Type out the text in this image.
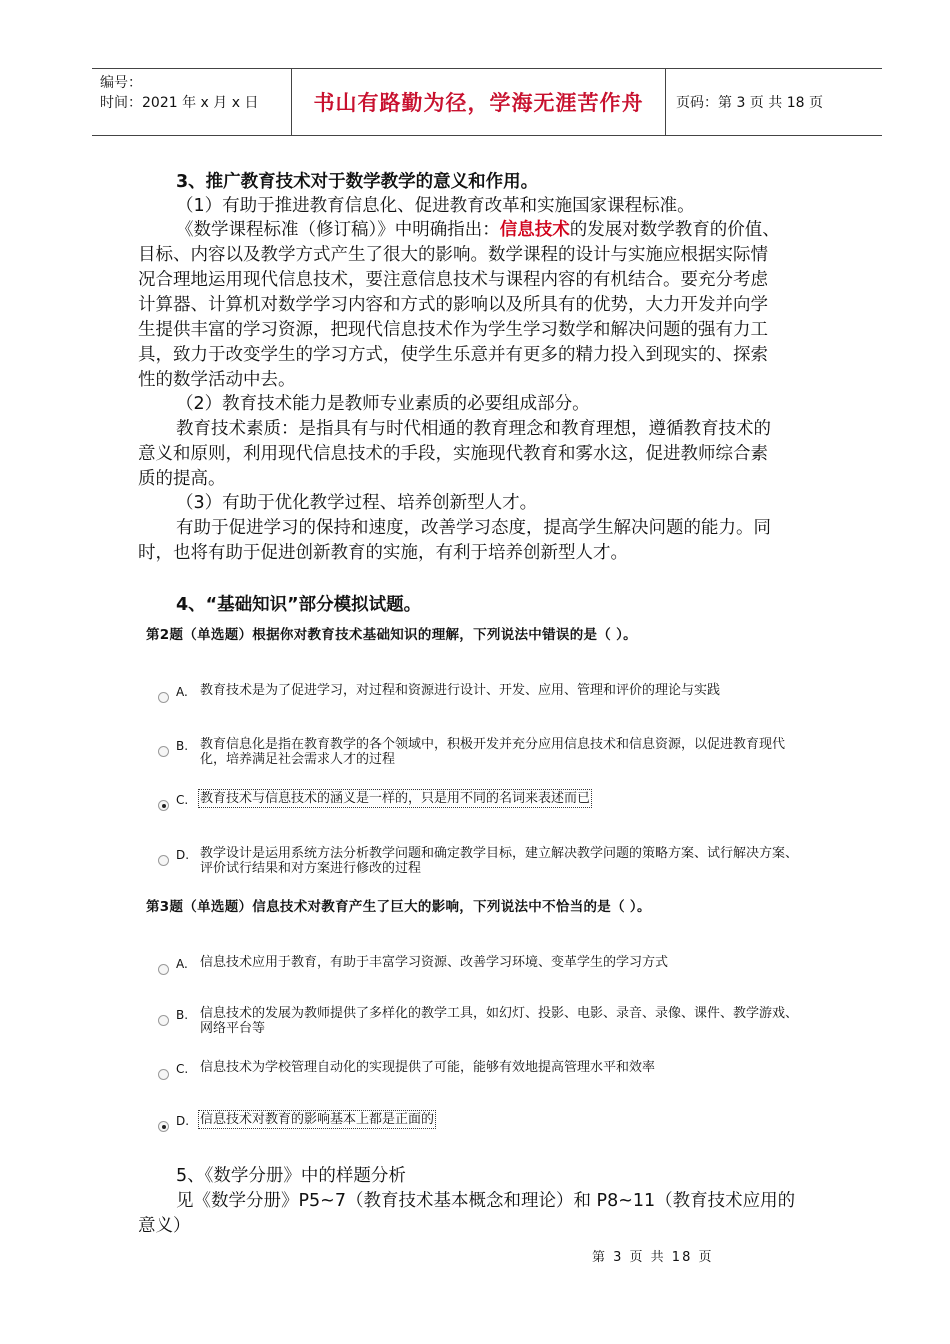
编号：
时间：2021 年 x 月 x 日	书山有路勤为径，学海无涯苦作舟	页码：第 3 页 共 18 页
3、推广教育技术对于数学教学的意义和作用。
（1）有助于推进教育信息化、促进教育改革和实施国家课程标准。
《数学课程标准（修订稿）》中明确指出：信息技术的发展对数学教育的价值、
目标、内容以及教学方式产生了很大的影响。数学课程的设计与实施应根据实际情
况合理地运用现代信息技术，要注意信息技术与课程内容的有机结合。要充分考虑
计算器、计算机对数学学习内容和方式的影响以及所具有的优势，大力开发并向学
生提供丰富的学习资源，把现代信息技术作为学生学习数学和解决问题的强有力工
具，致力于改变学生的学习方式，使学生乐意并有更多的精力投入到现实的、探索
性的数学活动中去。
（2）教育技术能力是教师专业素质的必要组成部分。
教育技术素质：是指具有与时代相通的教育理念和教育理想，遵循教育技术的
意义和原则，利用现代信息技术的手段，实施现代教育和雾水这，促进教师综合素
质的提高。
（3）有助于优化教学过程、培养创新型人才。
有助于促进学习的保持和速度，改善学习态度，提高学生解决问题的能力。同
时，也将有助于促进创新教育的实施，有利于培养创新型人才。
4、“基础知识”部分模拟试题。
第2题（单选题）根据你对教育技术基础知识的理解，下列说法中错误的是（ ）。
A. 教育技术是为了促进学习，对过程和资源进行设计、开发、应用、管理和评价的理论与实践
B. 教育信息化是指在教育教学的各个领域中，积极开发并充分应用信息技术和信息资源，以促进教育现代化，培养满足社会需求人才的过程
C. 教育技术与信息技术的涵义是一样的，只是用不同的名词来表述而已
D. 教学设计是运用系统方法分析教学问题和确定教学目标，建立解决教学问题的策略方案、试行解决方案、评价试行结果和对方案进行修改的过程
第3题（单选题）信息技术对教育产生了巨大的影响，下列说法中不恰当的是（ ）。
A. 信息技术应用于教育，有助于丰富学习资源、改善学习环境、变革学生的学习方式
B. 信息技术的发展为教师提供了多样化的教学工具，如幻灯、投影、电影、录音、录像、课件、教学游戏、网络平台等
C. 信息技术为学校管理自动化的实现提供了可能，能够有效地提高管理水平和效率
D. 信息技术对教育的影响基本上都是正面的
5、《数学分册》中的样题分析
见《数学分册》P5~7（教育技术基本概念和理论）和 P8~11（教育技术应用的
意义）
第 3 页 共 18 页
